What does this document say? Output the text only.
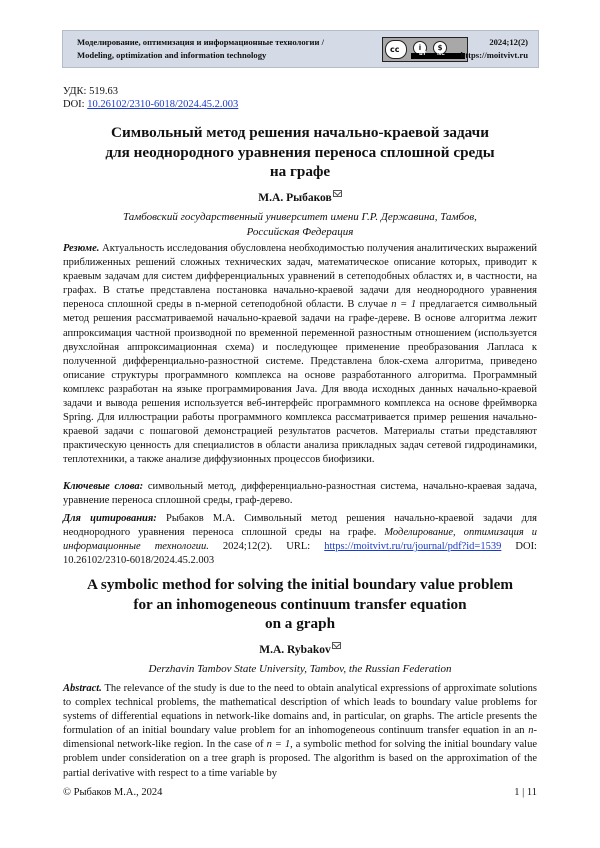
Моделирование, оптимизация и информационные технологии /
Modeling, optimization and information technology	cc	i	$
BY NC
2024;12(2)
https://moitvivt.ru
УДК: 519.63
DOI: 10.26102/2310-6018/2024.45.2.003
Символьный метод решения начально-краевой задачи
для неоднородного уравнения переноса сплошной среды
на графе
М.А. Рыбаков
Тамбовский государственный университет имени Г.Р. Державина, Тамбов,
Российская Федерация
Резюме. Актуальность исследования обусловлена необходимостью получения аналитических выражений приближенных решений сложных технических задач, математическое описание которых, приводит к краевым задачам для систем дифференциальных уравнений в сетеподобных областях и, в частности, на графах. В статье представлена постановка начально-краевой задачи для неоднородного уравнения переноса сплошной среды в n-мерной сетеподобной области. В случае n = 1 предлагается символьный метод решения рассматриваемой начально-краевой задачи на графе-дереве. В основе алгоритма лежит аппроксимация частной производной по временной переменной разностным отношением (используется двухслойная аппроксимационная схема) и последующее применение преобразования Лапласа к полученной дифференциально-разностной системе. Представлена блок-схема алгоритма, приведено описание структуры программного комплекса на основе разработанного алгоритма. Программный комплекс разработан на языке программирования Java. Для ввода исходных данных начально-краевой задачи и вывода решения используется веб-интерфейс программного комплекса на основе фреймворка Spring. Для иллюстрации работы программного комплекса рассматривается пример решения начально-краевой задачи с пошаговой демонстрацией результатов расчетов. Материалы статьи представляют практическую ценность для специалистов в области анализа прикладных задач сетевой гидродинамики, теплотехники, а также анализе диффузионных процессов биофизики.
Ключевые слова: символьный метод, дифференциально-разностная система, начально-краевая задача, уравнение переноса сплошной среды, граф-дерево.
Для цитирования: Рыбаков М.А. Символьный метод решения начально-краевой задачи для неоднородного уравнения переноса сплошной среды на графе. Моделирование, оптимизация и информационные технологии. 2024;12(2). URL: https://moitvivt.ru/ru/journal/pdf?id=1539 DOI: 10.26102/2310-6018/2024.45.2.003
A symbolic method for solving the initial boundary value problem
for an inhomogeneous continuum transfer equation
on a graph
M.A. Rybakov
Derzhavin Tambov State University, Tambov, the Russian Federation
Abstract. The relevance of the study is due to the need to obtain analytical expressions of approximate solutions to complex technical problems, the mathematical description of which leads to boundary value problems for systems of differential equations in network-like domains and, in particular, on graphs. The article presents the formulation of an initial boundary value problem for an inhomogeneous continuum transfer equation in an n-dimensional network-like region. In the case of n = 1, a symbolic method for solving the initial boundary value problem under consideration on a tree graph is proposed. The algorithm is based on the approximation of the partial derivative with respect to a time variable by
© Рыбаков М.А., 2024	1 | 11
